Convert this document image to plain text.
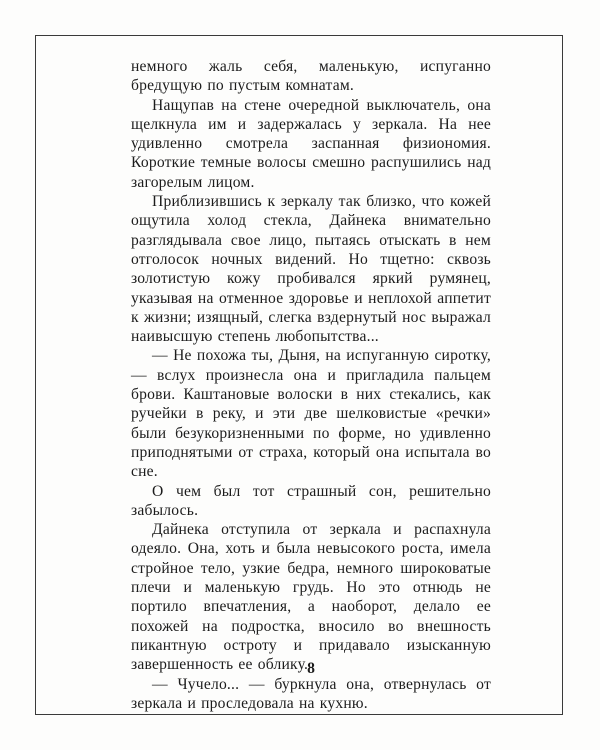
немного жаль себя, маленькую, испуганно бредущую по пустым комнатам.

Нащупав на стене очередной выключатель, она щелкнула им и задержалась у зеркала. На нее удивленно смотрела заспанная физиономия. Короткие темные волосы смешно распушились над загорелым лицом.

Приблизившись к зеркалу так близко, что кожей ощутила холод стекла, Дайнека внимательно разглядывала свое лицо, пытаясь отыскать в нем отголосок ночных видений. Но тщетно: сквозь золотистую кожу пробивался яркий румянец, указывая на отменное здоровье и неплохой аппетит к жизни; изящный, слегка вздернутый нос выражал наивысшую степень любопытства...

— Не похожа ты, Дыня, на испуганную сиротку, — вслух произнесла она и пригладила пальцем брови. Каштановые волоски в них стекались, как ручейки в реку, и эти две шелковистые «речки» были безукоризненными по форме, но удивленно приподнятыми от страха, который она испытала во сне.

О чем был тот страшный сон, решительно забылось.

Дайнека отступила от зеркала и распахнула одеяло. Она, хоть и была невысокого роста, имела стройное тело, узкие бедра, немного широковатые плечи и маленькую грудь. Но это отнюдь не портило впечатления, а наоборот, делало ее похожей на подростка, вносило во внешность пикантную остроту и придавало изысканную завершенность ее облику.

— Чучело... — буркнула она, отвернулась от зеркала и проследовала на кухню.

8
